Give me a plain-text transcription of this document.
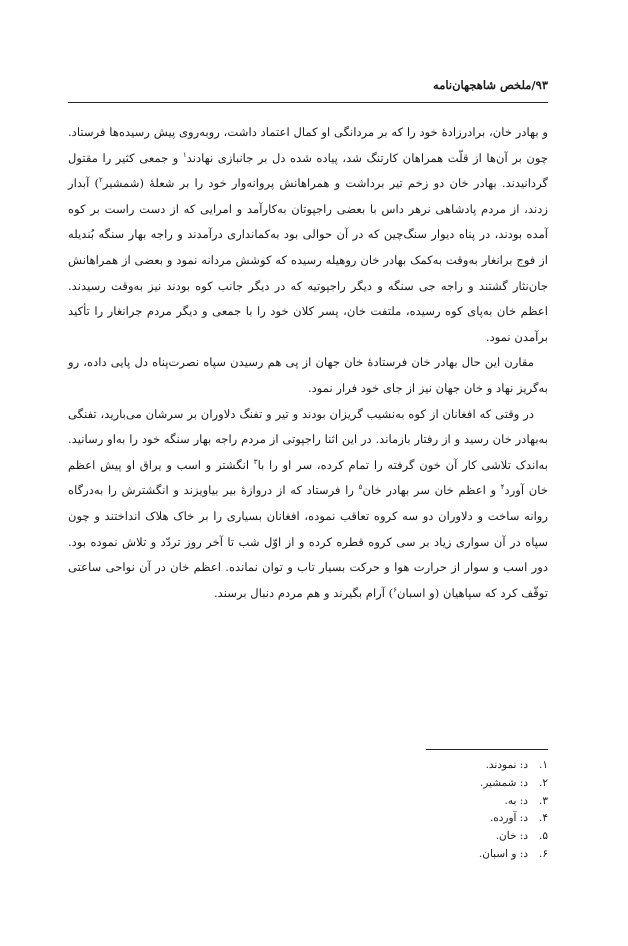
۹۳/ملخص شاهجهان‌نامه

و بهادر خان، برادرزادهٔ خود را که بر مردانگی او کمال اعتماد داشت، روبه‌روی پیش رسیده‌ها فرستاد. چون بر آن‌ها از قلّت همراهان کارتنگ شد، پیاده شده دل بر جانبازی نهادند$^۱$ و جمعی کثیر را مقتول گردانیدند. بهادر خان دو زخم تیر برداشت و همراهانش پروانه‌وار خود را بر شعلهٔ (شمشیر$^۲$) آبدار زدند، از مردم پادشاهی نرهر داس با بعضی راجپوتان به‌کارآمد و امرایی که از دست راست بر کوه آمده بودند، در پناه دیوار سنگ‌چین که در آن حوالی بود به‌کمانداری درآمدند و راجه بهار سنگه بُندیله از فوج برانغار به‌وقت به‌کمک بهادر خان روهیله رسیده که کوشش مردانه نمود و بعضی از همراهانش جان‌نثار گشتند و راجه جی سنگه و دیگر راجپوتیه که در دیگر جانب کوه بودند نیز به‌وقت رسیدند. اعظم خان به‌پای کوه رسیده، ملتفت خان، پسر کلان خود را با جمعی و دیگر مردم جرانغار را تأکید برآمدن نمود.

مقارن این حال بهادر خان فرستادهٔ خان جهان از پی هم رسیدن سپاه نصرت‌پناه دل پایی داده، رو به‌گریز نهاد و خان جهان نیز از جای خود فرار نمود.

در وقتی که افغانان از کوه به‌نشیب گریزان بودند و تیر و تفنگ دلاوران بر سرشان می‌بارید، تفنگی به‌بهادر خان رسید و از رفتار بازماند. در این اثنا راجپوتی از مردم راجه بهار سنگه خود را به‌او رسانید. به‌اندک تلاشی کار آن خون گرفته را تمام کرده، سر او را با$^۳$ انگشتر و اسب و یراق او پیش اعظم خان آورد$^۴$ و اعظم خان سر بهادر خان$^۵$ را فرستاد که از دروازهٔ بیر بیاویزند و انگشترش را به‌درگاه روانه ساخت و دلاوران دو سه کروه تعاقب نموده، افغانان بسیاری را بر خاک هلاک انداختند و چون سپاه در آن سواری زیاد بر سی کروه قطره کرده و از اوّل شب تا آخر روز تردّد و تلاش نموده بود. دور اسب و سوار از حرارت هوا و حرکت بسیار تاب و توان نمانده. اعظم خان در آن نواحی ساعتی توقّف کرد که سپاهیان (و اسبان$^۶$) آرام بگیرند و هم مردم دنبال برسند.

۱.
د: نمودند.
۲.
د: شمشیر.
۳.
د: به.
۴.
د: آورده.
۵.
د: خان.
۶.
د: و اسبان.
